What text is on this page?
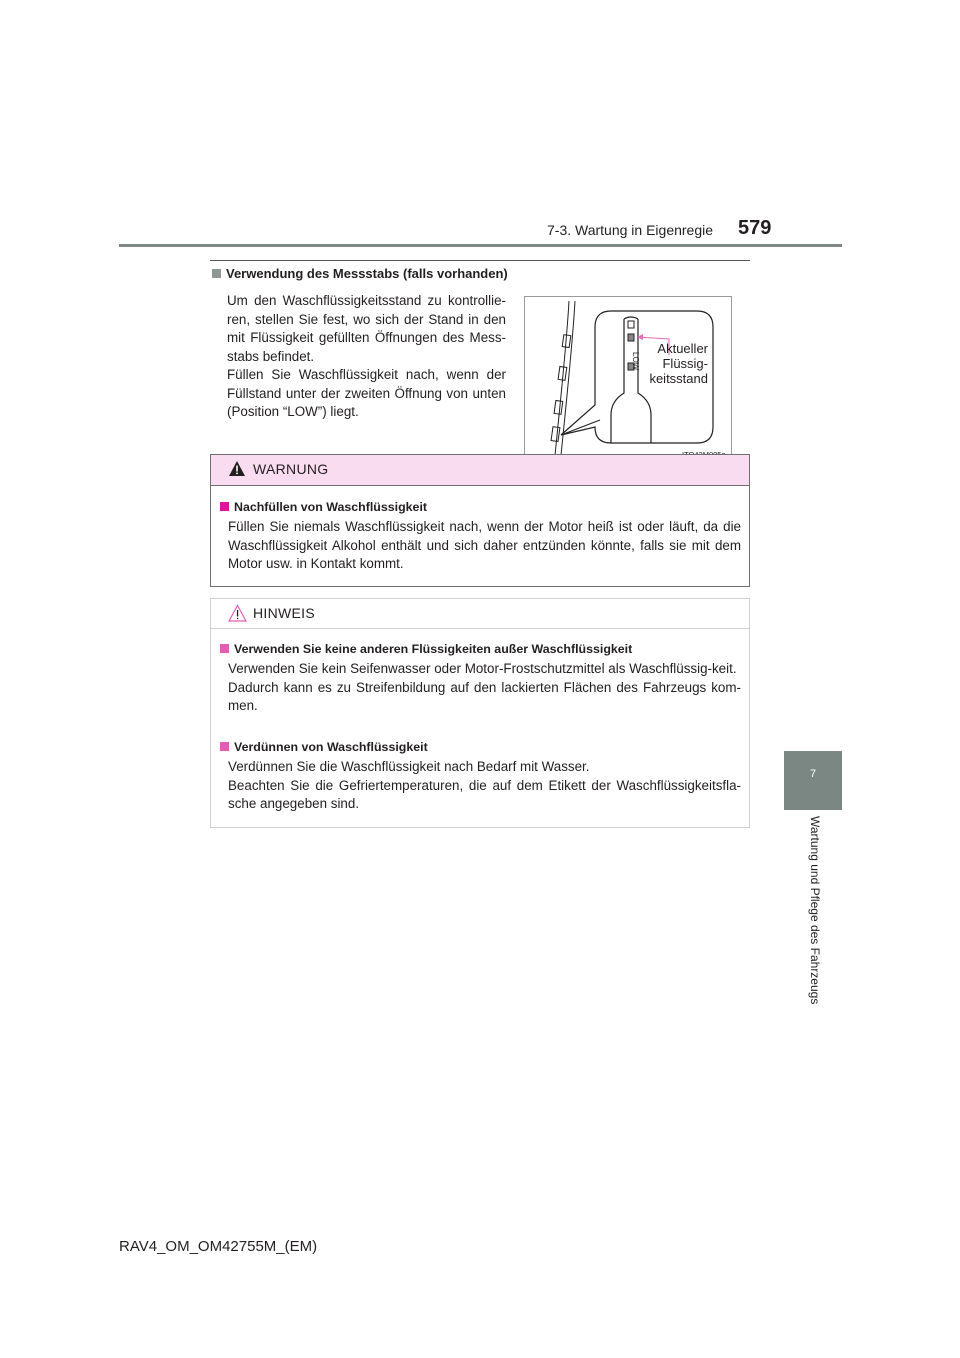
7-3. Wartung in Eigenregie 579
7
Wartung und Pflege des Fahrzeugs
Verwendung des Messstabs (falls vorhanden)

Um den Waschflüssigkeitsstand zu kontrollie-ren, stellen Sie fest, wo sich der Stand in den mit Flüssigkeit gefüllten Öffnungen des Mess-stabs befindet.
Füllen Sie Waschflüssigkeit nach, wenn der Füllstand unter der zweiten Öffnung von unten (Position “LOW”) liegt.

LOW
Aktueller
Flüssig-
keitsstand
WARNUNG
Nachfüllen von Waschflüssigkeit

Füllen Sie niemals Waschflüssigkeit nach, wenn der Motor heiß ist oder läuft, da die Waschflüssigkeit Alkohol enthält und sich daher entzünden könnte, falls sie mit dem Motor usw. in Kontakt kommt.

HINWEIS
Verwenden Sie keine anderen Flüssigkeiten außer Waschflüssigkeit

Verwenden Sie kein Seifenwasser oder Motor-Frostschutzmittel als Waschflüssig-keit.
Dadurch kann es zu Streifenbildung auf den lackierten Flächen des Fahrzeugs kom-men.

Verdünnen von Waschflüssigkeit

Verdünnen Sie die Waschflüssigkeit nach Bedarf mit Wasser.
Beachten Sie die Gefriertemperaturen, die auf dem Etikett der Waschflüssigkeitsfla-sche angegeben sind.

RAV4_OM_OM42755M_(EM)
